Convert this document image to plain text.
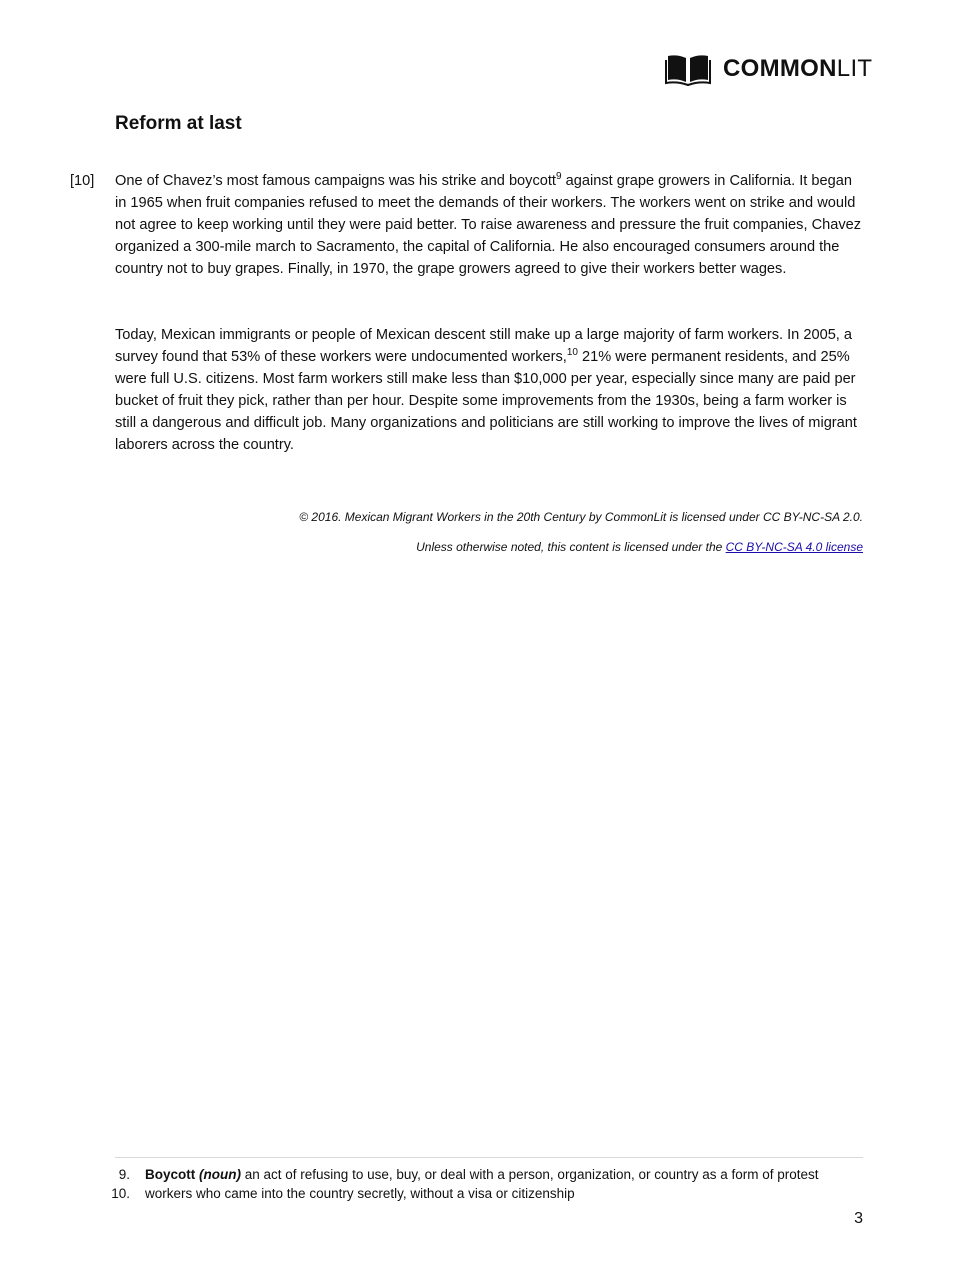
COMMONLIT
Reform at last
[10] One of Chavez’s most famous campaigns was his strike and boycott$^9$ against grape growers in California. It began in 1965 when fruit companies refused to meet the demands of their workers. The workers went on strike and would not agree to keep working until they were paid better. To raise awareness and pressure the fruit companies, Chavez organized a 300-mile march to Sacramento, the capital of California. He also encouraged consumers around the country not to buy grapes. Finally, in 1970, the grape growers agreed to give their workers better wages.

Today, Mexican immigrants or people of Mexican descent still make up a large majority of farm workers. In 2005, a survey found that 53% of these workers were undocumented workers,$^{10}$ 21% were permanent residents, and 25% were full U.S. citizens. Most farm workers still make less than $10,000 per year, especially since many are paid per bucket of fruit they pick, rather than per hour. Despite some improvements from the 1930s, being a farm worker is still a dangerous and difficult job. Many organizations and politicians are still working to improve the lives of migrant laborers across the country.

© 2016. Mexican Migrant Workers in the 20th Century by CommonLit is licensed under CC BY-NC-SA 2.0.
Unless otherwise noted, this content is licensed under the CC BY-NC-SA 4.0 license
9. Boycott (noun) an act of refusing to use, buy, or deal with a person, organization, or country as a form of protest
10. workers who came into the country secretly, without a visa or citizenship
3
